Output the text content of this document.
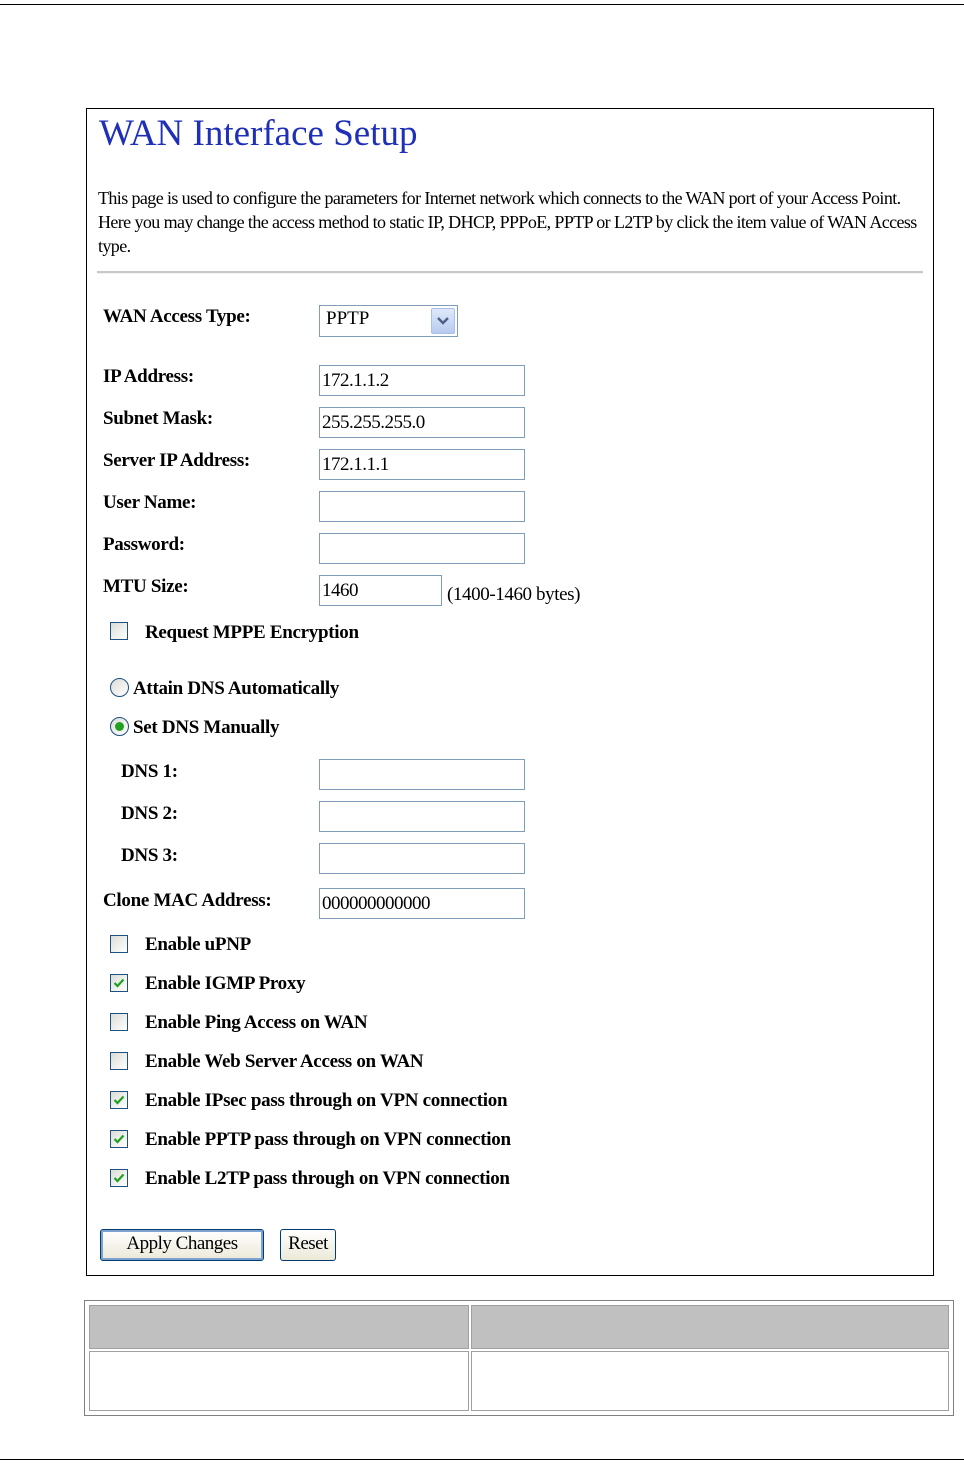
WAN Interface Setup
This page is used to configure the parameters for Internet network which connects to the WAN port of your Access Point. Here you may change the access method to static IP, DHCP, PPPoE, PPTP or L2TP by click the item value of WAN Access type.
WAN Access Type:	PPTP
IP Address:	172.1.1.2
Subnet Mask:	255.255.255.0
Server IP Address:	172.1.1.1
User Name:
Password:
MTU Size:	1460	(1400-1460 bytes)
Request MPPE Encryption
Attain DNS Automatically
Set DNS Manually
DNS 1:
DNS 2:
DNS 3:
Clone MAC Address:	000000000000
Enable uPNP
Enable IGMP Proxy
Enable Ping Access on WAN
Enable Web Server Access on WAN
Enable IPsec pass through on VPN connection
Enable PPTP pass through on VPN connection
Enable L2TP pass through on VPN connection
Apply Changes	Reset
